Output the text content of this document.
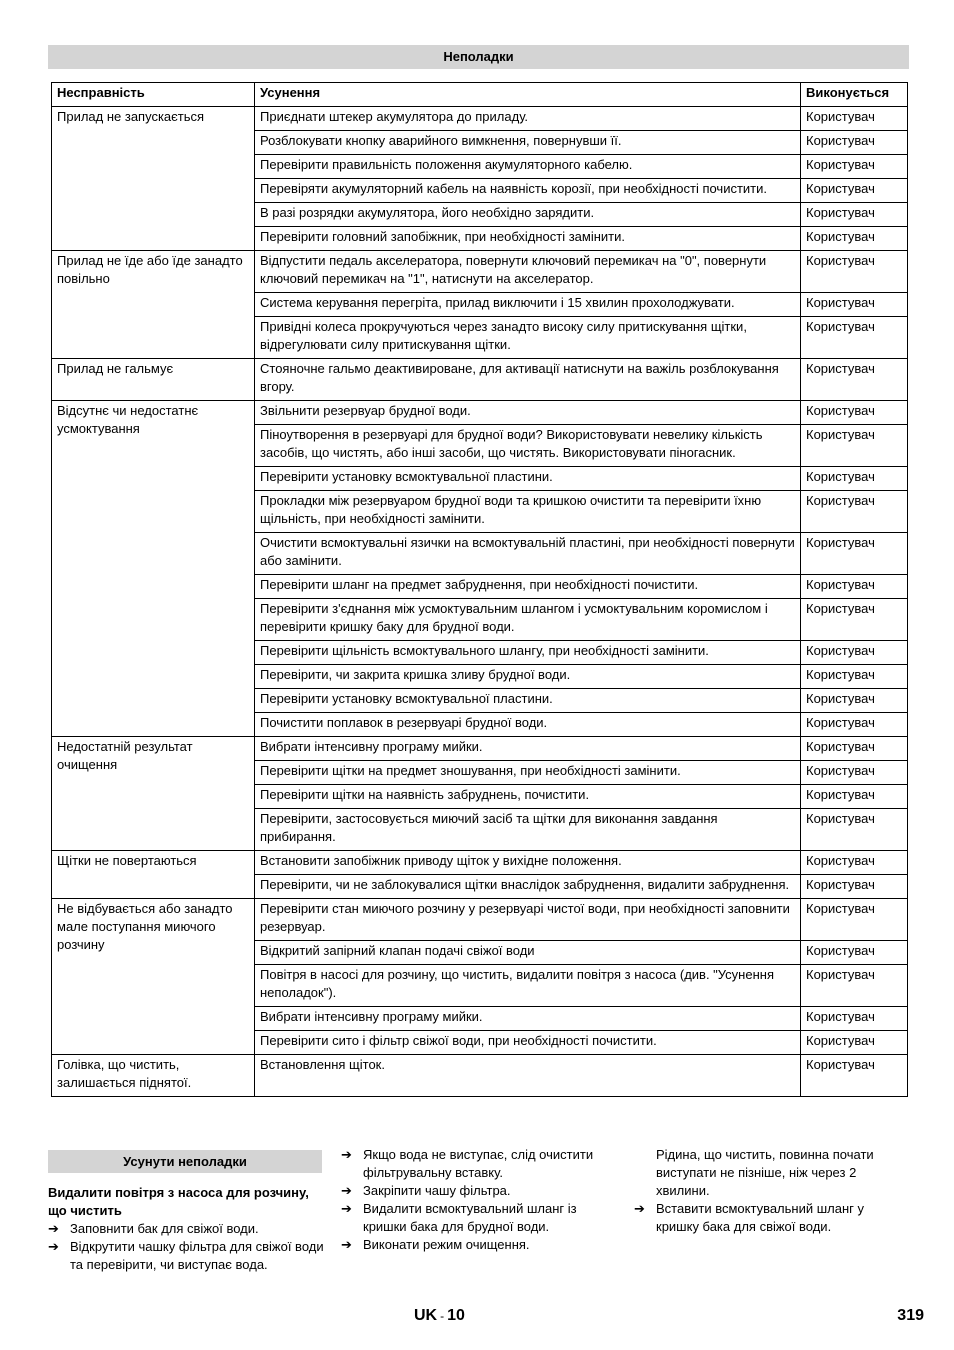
Неполадки
Несправність	Усунення	Виконується
Прилад не запускається	Приєднати штекер акумулятора до приладу.	Користувач
	Розблокувати кнопку аварийного вимкнення, повернувши її.	Користувач
	Перевірити правильність положення акумуляторного кабелю.	Користувач
	Перевіряти акумуляторний кабель на наявність корозії, при необхідності почистити.	Користувач
	В разі розрядки акумулятора, його необхідно зарядити.	Користувач
	Перевірити головний запобіжник, при необхідності замінити.	Користувач
Прилад не їде або їде занадто повільно	Відпустити педаль акселератора, повернути ключовий перемикач на "0", повернути ключовий перемикач на "1", натиснути на акселератор.	Користувач
	Система керування перегріта, прилад виключити і 15 хвилин прохолоджувати.	Користувач
	Привідні колеса прокручуються через занадто високу силу притискування щітки, відрегулювати силу притискування щітки.	Користувач
Прилад не гальмує	Стояночне гальмо деактивироване, для активації натиснути на важіль розблокування вгору.	Користувач
Відсутнє чи недостатнє усмоктування	Звільнити резервуар брудної води.	Користувач
	Піноутворення в резервуарі для брудної води? Використовувати невелику кількість засобів, що чистять, або інші засоби, що чистять. Використовувати піногасник.	Користувач
	Перевірити установку всмоктувальної пластини.	Користувач
	Прокладки між резервуаром брудної води та кришкою очистити та перевірити їхню щільність, при необхідності замінити.	Користувач
	Очистити всмоктувальні язички на всмоктувальній пластині, при необхідності повернути або замінити.	Користувач
	Перевірити шланг на предмет забруднення, при необхідності почистити.	Користувач
	Перевірити з'єднання між усмоктувальним шлангом і усмоктувальним коромислом і перевірити кришку баку для брудної води.	Користувач
	Перевірити щільність всмоктувального шлангу, при необхідності замінити.	Користувач
	Перевірити, чи закрита кришка зливу брудної води.	Користувач
	Перевірити установку всмоктувальної пластини.	Користувач
	Почистити поплавок в резервуарі брудної води.	Користувач
Недостатній результат очищення	Вибрати інтенсивну програму мийки.	Користувач
	Перевірити щітки на предмет зношування, при необхідності замінити.	Користувач
	Перевірити щітки на наявність забруднень, почистити.	Користувач
	Перевірити, застосовується миючий засіб та щітки для виконання завдання прибирання.	Користувач
Щітки не повертаються	Встановити запобіжник приводу щіток у вихідне положення.	Користувач
	Перевірити, чи не заблокувалися щітки внаслідок забруднення, видалити забруднення.	Користувач
Не відбувається або занадто мале поступання миючого розчину	Перевірити стан миючого розчину у резервуарі чистої води, при необхідності заповнити резервуар.	Користувач
	Відкритий запірний клапан подачі свіжої води	Користувач
	Повітря в насосі для розчину, що чистить, видалити повітря з насоса (див. "Усунення неполадок").	Користувач
	Вибрати інтенсивну програму мийки.	Користувач
	Перевірити сито і фільтр свіжої води, при необхідності почистити.	Користувач
Голівка, що чистить, залишається піднятої.	Встановлення щіток.	Користувач
Усунути неполадки

Видалити повітря з насоса для розчину, що чистить

➔ Заповнити бак для свіжої води.
➔ Відкрутити чашку фільтра для свіжої води та перевірити, чи виступає вода.
➔ Якщо вода не виступає, слід очистити фільтрувальну вставку.
➔ Закріпити чашу фільтра.
➔ Видалити всмоктувальний шланг із кришки бака для брудної води.
➔ Виконати режим очищення.

Рідина, що чистить, повинна почати виступати не пізніше, ніж через 2 хвилини.

➔ Вставити всмоктувальний шланг у кришку бака для свіжої води.
UK - 10	319
